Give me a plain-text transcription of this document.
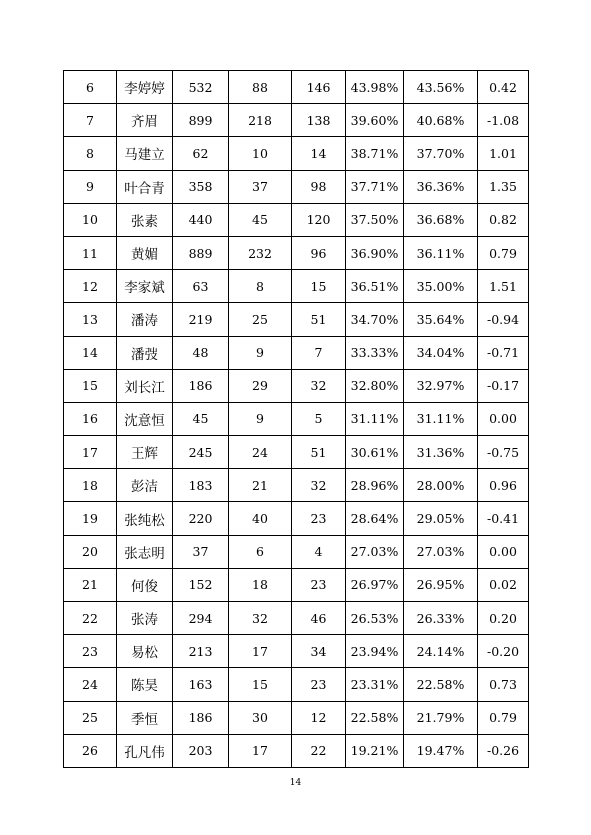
6	李婷婷	532	88	146	43.98%	43.56%	0.42
7	齐眉	899	218	138	39.60%	40.68%	-1.08
8	马建立	62	10	14	38.71%	37.70%	1.01
9	叶合青	358	37	98	37.71%	36.36%	1.35
10	张素	440	45	120	37.50%	36.68%	0.82
11	黄媚	889	232	96	36.90%	36.11%	0.79
12	李家斌	63	8	15	36.51%	35.00%	1.51
13	潘涛	219	25	51	34.70%	35.64%	-0.94
14	潘弢	48	9	7	33.33%	34.04%	-0.71
15	刘长江	186	29	32	32.80%	32.97%	-0.17
16	沈意恒	45	9	5	31.11%	31.11%	0.00
17	王辉	245	24	51	30.61%	31.36%	-0.75
18	彭洁	183	21	32	28.96%	28.00%	0.96
19	张纯松	220	40	23	28.64%	29.05%	-0.41
20	张志明	37	6	4	27.03%	27.03%	0.00
21	何俊	152	18	23	26.97%	26.95%	0.02
22	张涛	294	32	46	26.53%	26.33%	0.20
23	易松	213	17	34	23.94%	24.14%	-0.20
24	陈昊	163	15	23	23.31%	22.58%	0.73
25	季恒	186	30	12	22.58%	21.79%	0.79
26	孔凡伟	203	17	22	19.21%	19.47%	-0.26
14
